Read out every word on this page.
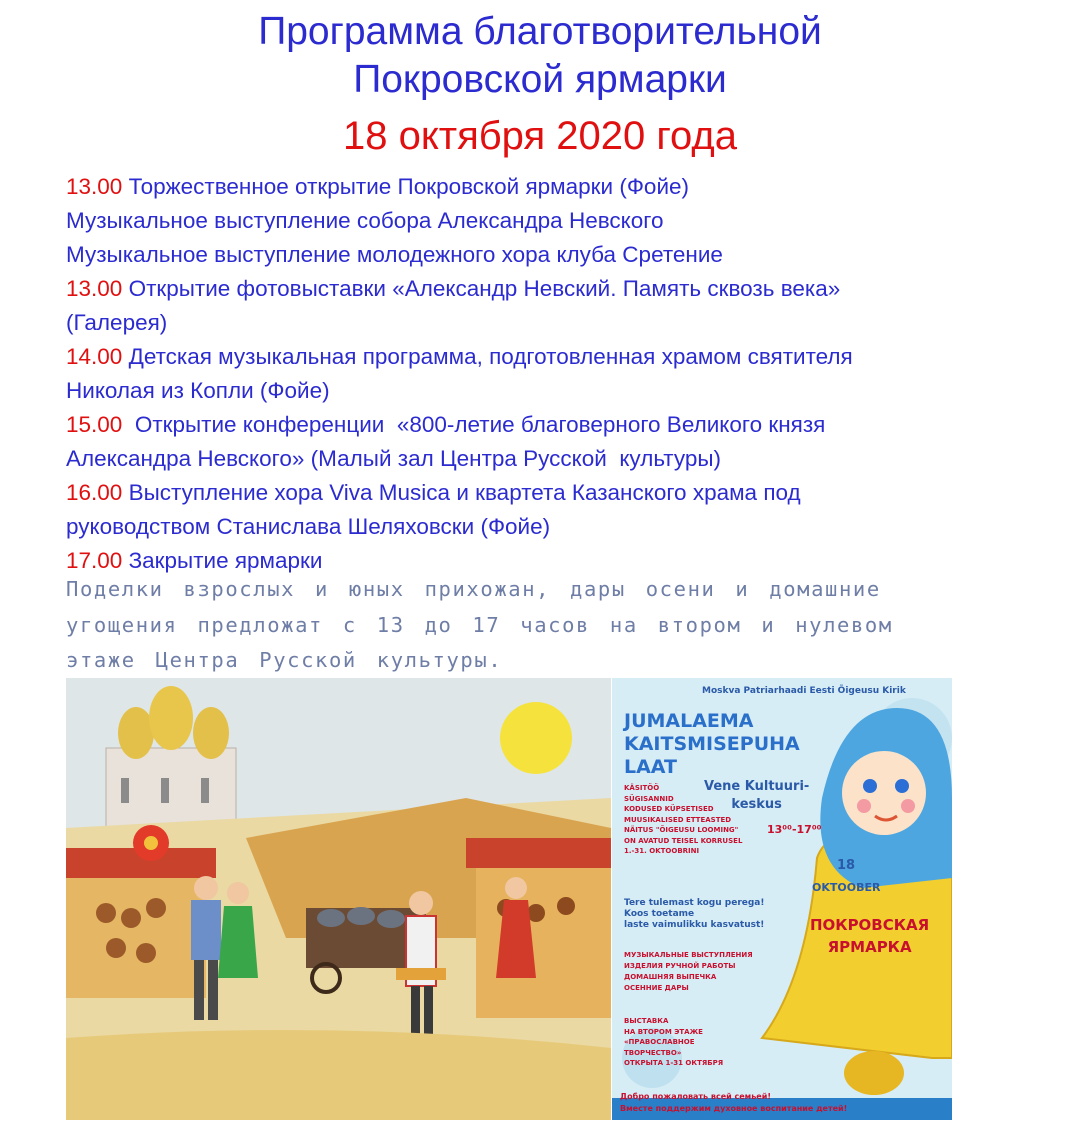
Программа благотворительной
Покровской ярмарки
18 октября 2020 года

13.00 Торжественное открытие Покровской ярмарки (Фойе)

Музыкальное выступление собора Александра Невского

Музыкальное выступление молодежного хора клуба Сретение

13.00 Открытие фотовыставки «Александр Невский. Память сквозь века»

(Галерея)

14.00 Детская музыкальная программа, подготовленная храмом святителя

Николая из Копли (Фойе)

15.00  Открытие конференции  «800-летие благоверного Великого князя

Александра Невского» (Малый зал Центра Русской  культуры)

16.00 Выступление хора Viva Musica и квартета Казанского храма под

руководством Станислава Шеляховски (Фойе)

17.00 Закрытие ярмарки

Поделки взрослых и юных прихожан, дары осени и домашние

угощения предложат с 13 до 17 часов на втором и нулевом

этаже Центра Русской культуры.

Moskva Patriarhaadi Eesti Õigeusu Kirik
JUMALAEMA
KAITSMISEPUHA
LAAT
Vene Kultuuri-
keskus
13⁰⁰-17⁰⁰
KÄSITÖÖ
SÜGISANNID
KODUSED KÜPSETISED
MUUSIKALISED ETTEASTED
NÄITUS "ÕIGEUSU LOOMING"
ON AVATUD TEISEL KORRUSEL
1.-31. OKTOOBRINI
18
OKTOOBER
Tere tulemast kogu perega!
Koos toetame
laste vaimulikku kasvatust!	ПОКРОВСКАЯ
ЯРМАРКА
МУЗЫКАЛЬНЫЕ ВЫСТУПЛЕНИЯ
ИЗДЕЛИЯ РУЧНОЙ РАБОТЫ
ДОМАШНЯЯ ВЫПЕЧКА
ОСЕННИЕ ДАРЫ
ВЫСТАВКА
НА ВТОРОМ ЭТАЖЕ
«ПРАВОСЛАВНОЕ
ТВОРЧЕСТВО»
ОТКРЫТА 1-31 ОКТЯБРЯ
Добро пожаловать всей семьей!
Вместе поддержим духовное воспитание детей!
